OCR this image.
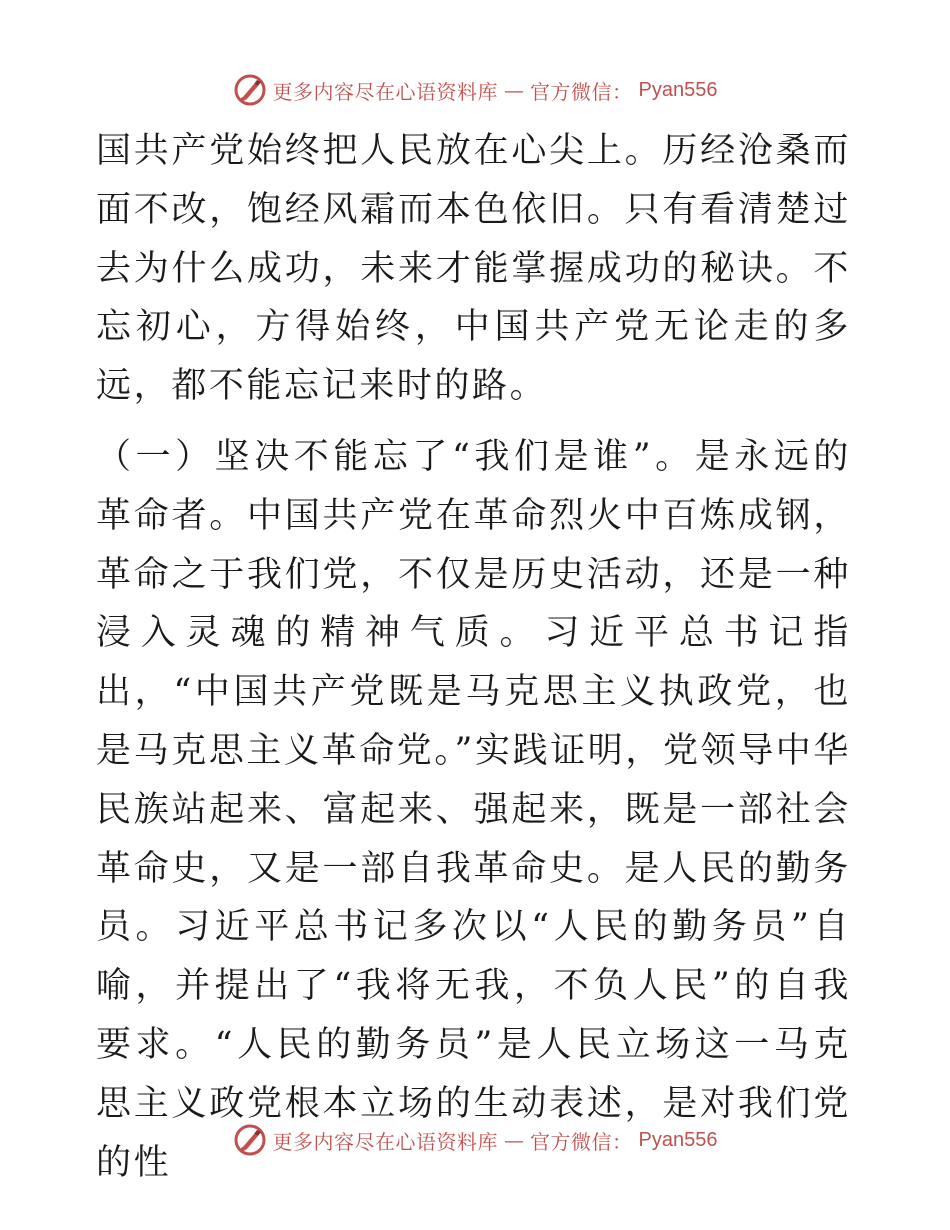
更多内容尽在心语资料库 — 官方微信： Pyan556

国共产党始终把人民放在心尖上。历经沧桑而面不改，饱经风霜而本色依旧。只有看清楚过去为什么成功，未来才能掌握成功的秘诀。不忘初心，方得始终，中国共产党无论走的多远，都不能忘记来时的路。

（一）坚决不能忘了“我们是谁”。是永远的革命者。中国共产党在革命烈火中百炼成钢，革命之于我们党，不仅是历史活动，还是一种浸入灵魂的精神气质。习近平总书记指出，“中国共产党既是马克思主义执政党，也是马克思主义革命党。”实践证明，党领导中华民族站起来、富起来、强起来，既是一部社会革命史，又是一部自我革命史。是人民的勤务员。习近平总书记多次以“人民的勤务员”自喻，并提出了“我将无我，不负人民”的自我要求。“人民的勤务员”是人民立场这一马克思主义政党根本立场的生动表述，是对我们党的性

更多内容尽在心语资料库 — 官方微信： Pyan556
